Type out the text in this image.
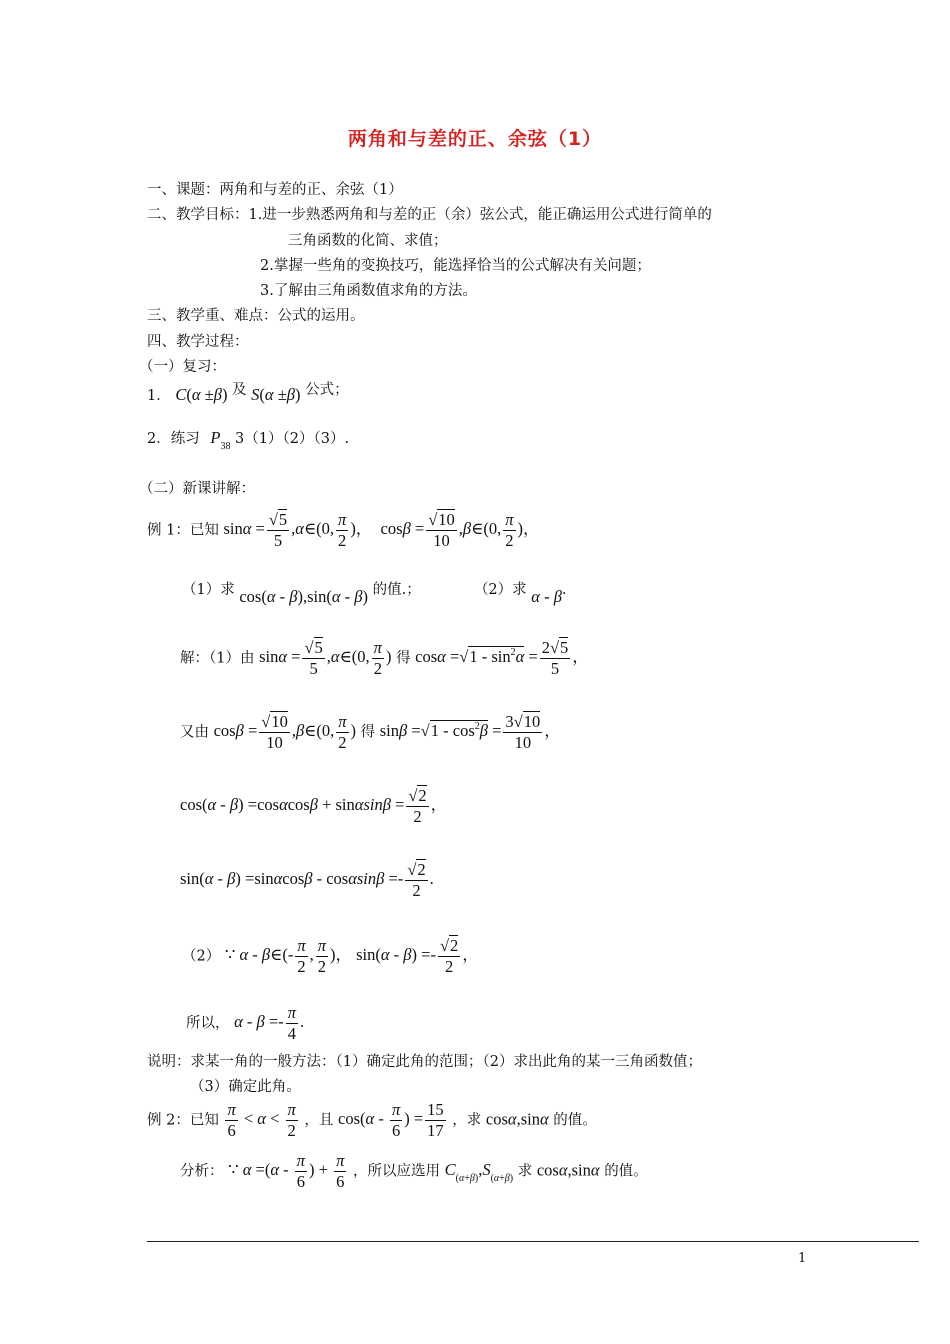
两角和与差的正、余弦（1）
一、课题：两角和与差的正、余弦（1）
二、教学目标：1.进一步熟悉两角和与差的正（余）弦公式，能正确运用公式进行简单的
三角函数的化简、求值；
2.掌握一些角的变换技巧，能选择恰当的公式解决有关问题；
3.了解由三角函数值求角的方法。
三、教学重、难点：公式的运用。
四、教学过程：
（一）复习：
1． C(α ±β) 及 S(α ±β) 公式；
2．练习 $P_{38}$ 3（1）（2）（3）.
（二）新课讲解：
例 1：已知 $\sin\alpha = \frac{√5}{5}$ ,α∈(0, $\frac{\pi}{2}$ )，  $\cos\beta = \frac{√10}{10}$ ,β∈(0, $\frac{\pi}{2}$ )，
（1）求 cos(α - β),sin(α - β) 的值.；	（2）求 α - β.
解：（1）由 $\sin\alpha = \frac{√5}{5}$ ,α∈(0, $\frac{\pi}{2}$ ) 得 $\cos\alpha =√1 - \sin^2\alpha = \frac{2√5}{5}$ ，
又由 $\cos\beta = \frac{√10}{10}$ ,β∈(0, $\frac{\pi}{2}$ ) 得 $\sin\beta =√1 - \cos^2\beta = \frac{3√10}{10}$ ，
$\cos(\alpha - \beta) =\cos\alpha\cos\beta + \sin\alpha\sin\beta = \frac{√2}{2}$ ，
$\sin(\alpha - \beta) =\sin\alpha\cos\beta - \cos\alpha\sin\beta =- \frac{√2}{2}$ .
（2） ∵ α - β∈(- $\frac{\pi}{2}$ , $\frac{\pi}{2}$ )， $\sin(\alpha - \beta) =- \frac{√2}{2}$ ，
所以， $\alpha - \beta =- \frac{\pi}{4}$ .
说明：求某一角的一般方法：（1）确定此角的范围；（2）求出此角的某一三角函数值；
（3）确定此角。
例 2：已知 $\frac{\pi}{6} < \alpha < \frac{\pi}{2}$ ，且 $\cos(\alpha - \frac{\pi}{6}$ ) = $\frac{15}{17}$ ，求 cosα,sinα 的值。
分析： ∵ $\alpha =(\alpha - \frac{\pi}{6}$ ) + $\frac{\pi}{6}$ ，所以应选用 $C_{(\alpha+\beta)},S_{(\alpha+\beta)}$ 求 cosα,sinα 的值。
1
